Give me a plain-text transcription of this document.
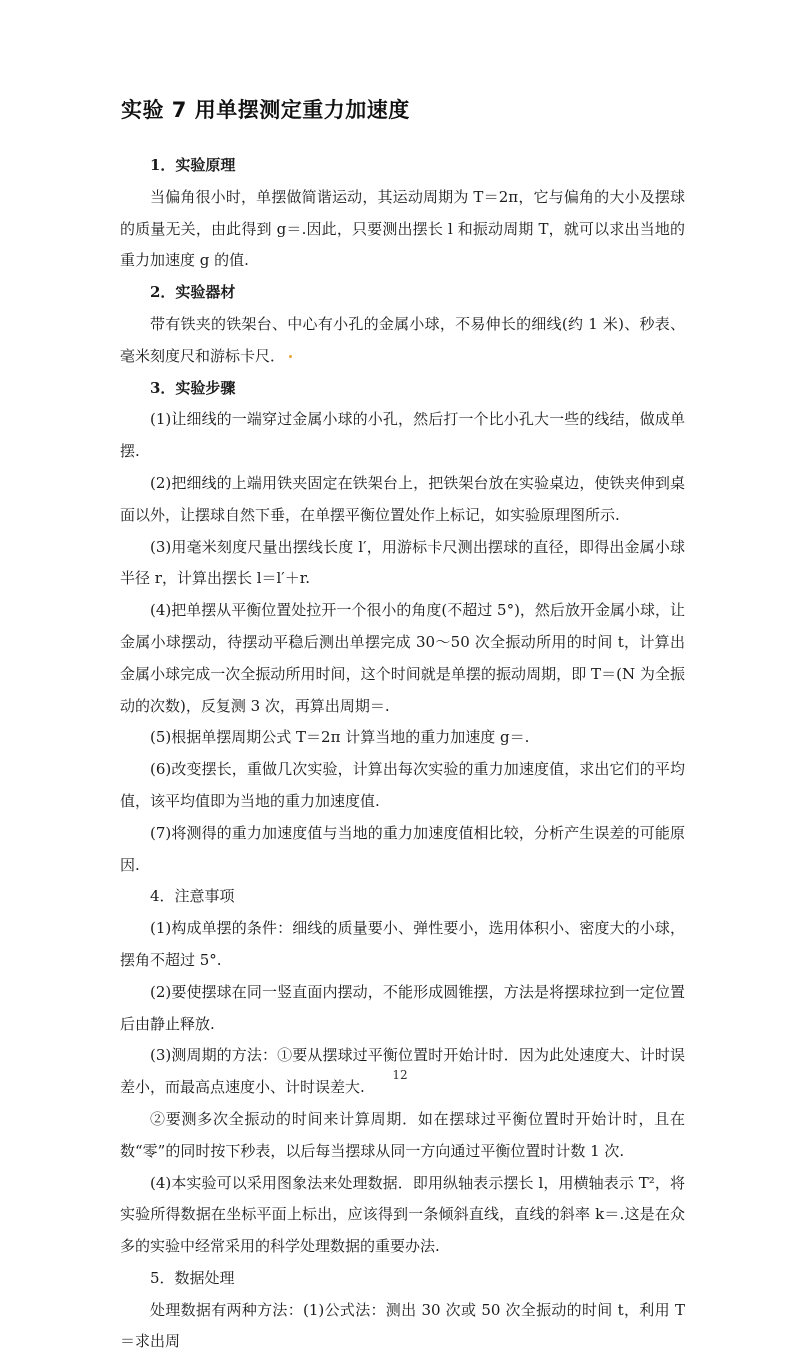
实验 7 用单摆测定重力加速度

1．实验原理

当偏角很小时，单摆做简谐运动，其运动周期为 T＝2π，它与偏角的大小及摆球的质量无关，由此得到 g＝.因此，只要测出摆长 l 和振动周期 T，就可以求出当地的重力加速度 g 的值.

2．实验器材

带有铁夹的铁架台、中心有小孔的金属小球，不易伸长的细线(约 1 米)、秒表、毫米刻度尺和游标卡尺．

3．实验步骤

(1)让细线的一端穿过金属小球的小孔，然后打一个比小孔大一些的线结，做成单摆.

(2)把细线的上端用铁夹固定在铁架台上，把铁架台放在实验桌边，使铁夹伸到桌面以外，让摆球自然下垂，在单摆平衡位置处作上标记，如实验原理图所示.

(3)用毫米刻度尺量出摆线长度 l′，用游标卡尺测出摆球的直径，即得出金属小球半径 r，计算出摆长 l＝l′＋r.

(4)把单摆从平衡位置处拉开一个很小的角度(不超过 5°)，然后放开金属小球，让金属小球摆动，待摆动平稳后测出单摆完成 30～50 次全振动所用的时间 t，计算出金属小球完成一次全振动所用时间，这个时间就是单摆的振动周期，即 T＝(N 为全振动的次数)，反复测 3 次，再算出周期＝.

(5)根据单摆周期公式 T＝2π 计算当地的重力加速度 g＝.

(6)改变摆长，重做几次实验，计算出每次实验的重力加速度值，求出它们的平均值，该平均值即为当地的重力加速度值.

(7)将测得的重力加速度值与当地的重力加速度值相比较，分析产生误差的可能原因.

4．注意事项

(1)构成单摆的条件：细线的质量要小、弹性要小，选用体积小、密度大的小球，摆角不超过 5°.

(2)要使摆球在同一竖直面内摆动，不能形成圆锥摆，方法是将摆球拉到一定位置后由静止释放.

(3)测周期的方法：①要从摆球过平衡位置时开始计时．因为此处速度大、计时误差小，而最高点速度小、计时误差大.

②要测多次全振动的时间来计算周期．如在摆球过平衡位置时开始计时，且在数“零”的同时按下秒表，以后每当摆球从同一方向通过平衡位置时计数 1 次.

(4)本实验可以采用图象法来处理数据．即用纵轴表示摆长 l，用横轴表示 T²，将实验所得数据在坐标平面上标出，应该得到一条倾斜直线，直线的斜率 k＝.这是在众多的实验中经常采用的科学处理数据的重要办法.

5．数据处理

处理数据有两种方法：(1)公式法：测出 30 次或 50 次全振动的时间 t，利用 T＝求出周

12
